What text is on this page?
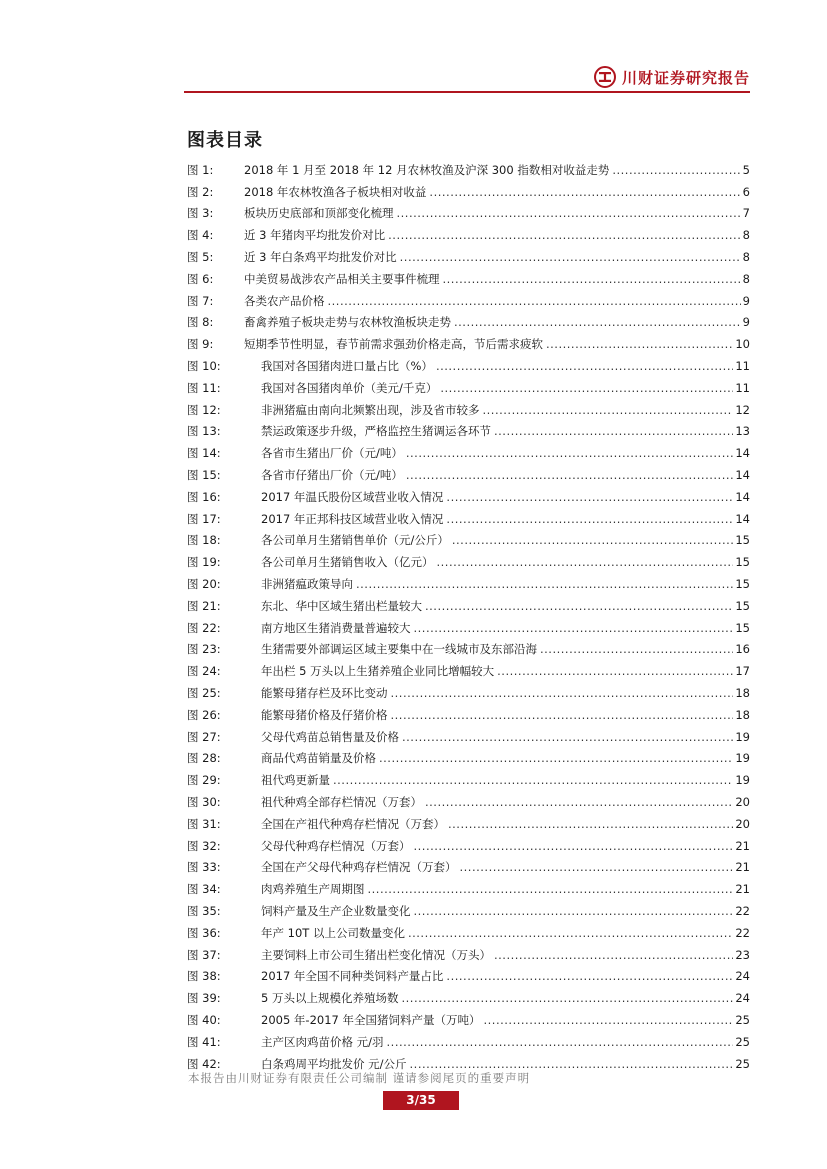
川财证券研究报告
图表目录
图 1:	2018 年 1 月至 2018 年 12 月农林牧渔及沪深 300 指数相对收益走势 .....	5
图 2:	2018 年农林牧渔各子板块相对收益 .....	6
图 3:	板块历史底部和顶部变化梳理 .....	7
图 4:	近 3 年猪肉平均批发价对比 .....	8
图 5:	近 3 年白条鸡平均批发价对比 .....	8
图 6:	中美贸易战涉农产品相关主要事件梳理 .....	8
图 7:	各类农产品价格 .....	9
图 8:	畜禽养殖子板块走势与农林牧渔板块走势 .....	9
图 9:	短期季节性明显，春节前需求强劲价格走高，节后需求疲软 .....	10
图 10:	我国对各国猪肉进口量占比（%） .....	11
图 11:	我国对各国猪肉单价（美元/千克） .....	11
图 12:	非洲猪瘟由南向北频繁出现，涉及省市较多 .....	12
图 13:	禁运政策逐步升级，严格监控生猪调运各环节 .....	13
图 14:	各省市生猪出厂价（元/吨） .....	14
图 15:	各省市仔猪出厂价（元/吨） .....	14
图 16:	2017 年温氏股份区域营业收入情况 .....	14
图 17:	2017 年正邦科技区域营业收入情况 .....	14
图 18:	各公司单月生猪销售单价（元/公斤） .....	15
图 19:	各公司单月生猪销售收入（亿元） .....	15
图 20:	非洲猪瘟政策导向 .....	15
图 21:	东北、华中区域生猪出栏量较大 .....	15
图 22:	南方地区生猪消费量普遍较大 .....	15
图 23:	生猪需要外部调运区域主要集中在一线城市及东部沿海 .....	16
图 24:	年出栏 5 万头以上生猪养殖企业同比增幅较大 .....	17
图 25:	能繁母猪存栏及环比变动 .....	18
图 26:	能繁母猪价格及仔猪价格 .....	18
图 27:	父母代鸡苗总销售量及价格 .....	19
图 28:	商品代鸡苗销量及价格 .....	19
图 29:	祖代鸡更新量 .....	19
图 30:	祖代种鸡全部存栏情况（万套） .....	20
图 31:	全国在产祖代种鸡存栏情况（万套） .....	20
图 32:	父母代种鸡存栏情况（万套） .....	21
图 33:	全国在产父母代种鸡存栏情况（万套） .....	21
图 34:	肉鸡养殖生产周期图 .....	21
图 35:	饲料产量及生产企业数量变化 .....	22
图 36:	年产 10T 以上公司数量变化 .....	22
图 37:	主要饲料上市公司生猪出栏变化情况（万头） .....	23
图 38:	2017 年全国不同种类饲料产量占比 .....	24
图 39:	5 万头以上规模化养殖场数 .....	24
图 40:	2005 年-2017 年全国猪饲料产量（万吨） .....	25
图 41:	主产区肉鸡苗价格 元/羽 .....	25
图 42:	白条鸡周平均批发价 元/公斤 .....	25
本报告由川财证券有限责任公司编制 谨请参阅尾页的重要声明
3/35
